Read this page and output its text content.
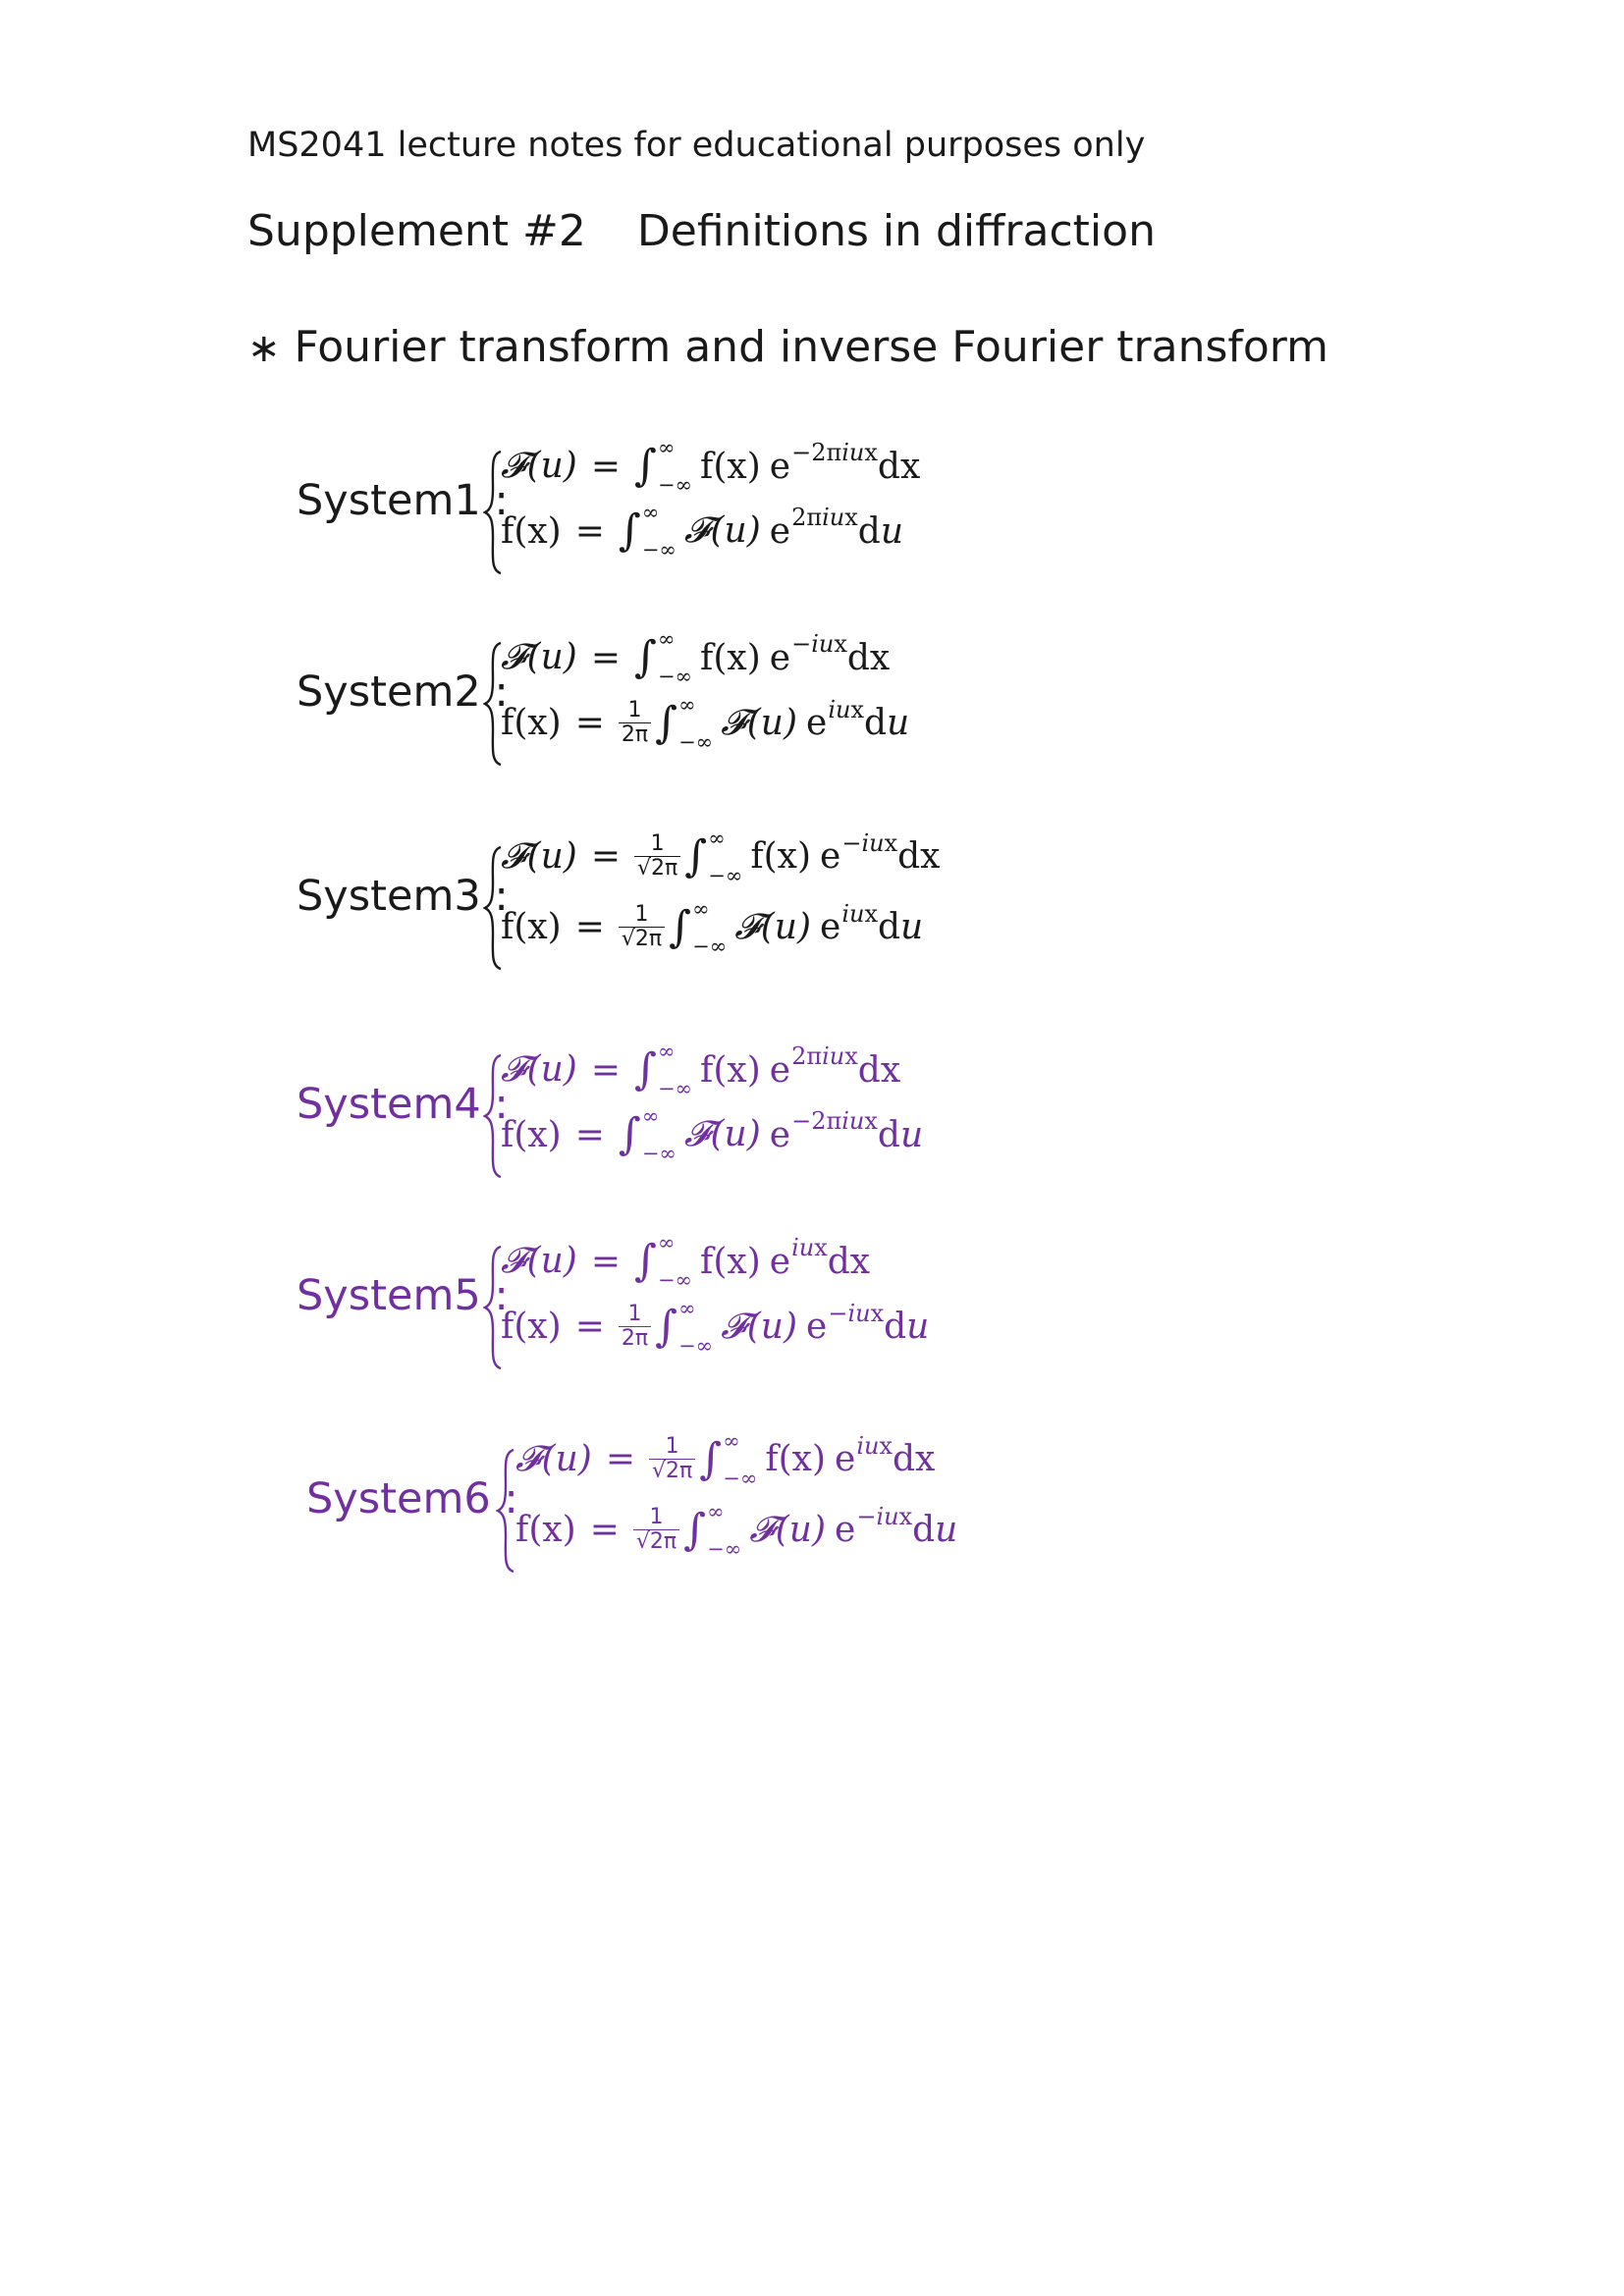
MS2041 lecture notes for educational purposes only
Supplement #2 Definitions in diffraction
∗ Fourier transform and inverse Fourier transform
System1 :
𝓕(𝑢) = ∫ ∞
−∞ f(x) e −2π𝑖𝑢x dx
f(x) = ∫ ∞
−∞ 𝓕(𝑢) e 2π𝑖𝑢x d𝑢
System2 :
𝓕(𝑢) = ∫ ∞
−∞ f(x) e −𝑖𝑢x dx
$f(x) = \frac{1}{2\pi}$ ∫ ∞
−∞ 𝓕(𝑢) e 𝑖𝑢x d𝑢
System3 :
𝓕(𝑢) = $\frac{1}{√2\pi}$ ∫ ∞
−∞ f(x) e −𝑖𝑢x dx
$f(x) = \frac{1}{√2\pi}$ ∫ ∞
−∞ 𝓕(𝑢) e 𝑖𝑢x d𝑢
System4 :
𝓕(𝑢) = ∫ ∞
−∞ f(x) e 2π𝑖𝑢x dx
f(x) = ∫ ∞
−∞ 𝓕(𝑢) e −2π𝑖𝑢x d𝑢
System5 :
𝓕(𝑢) = ∫ ∞
−∞ f(x) e 𝑖𝑢x dx
$f(x) = \frac{1}{2\pi}$ ∫ ∞
−∞ 𝓕(𝑢) e −𝑖𝑢x d𝑢
System6 :
𝓕(𝑢) = $\frac{1}{√2\pi}$ ∫ ∞
−∞ f(x) e 𝑖𝑢x dx
$f(x) = \frac{1}{√2\pi}$ ∫ ∞
−∞ 𝓕(𝑢) e −𝑖𝑢x d𝑢
